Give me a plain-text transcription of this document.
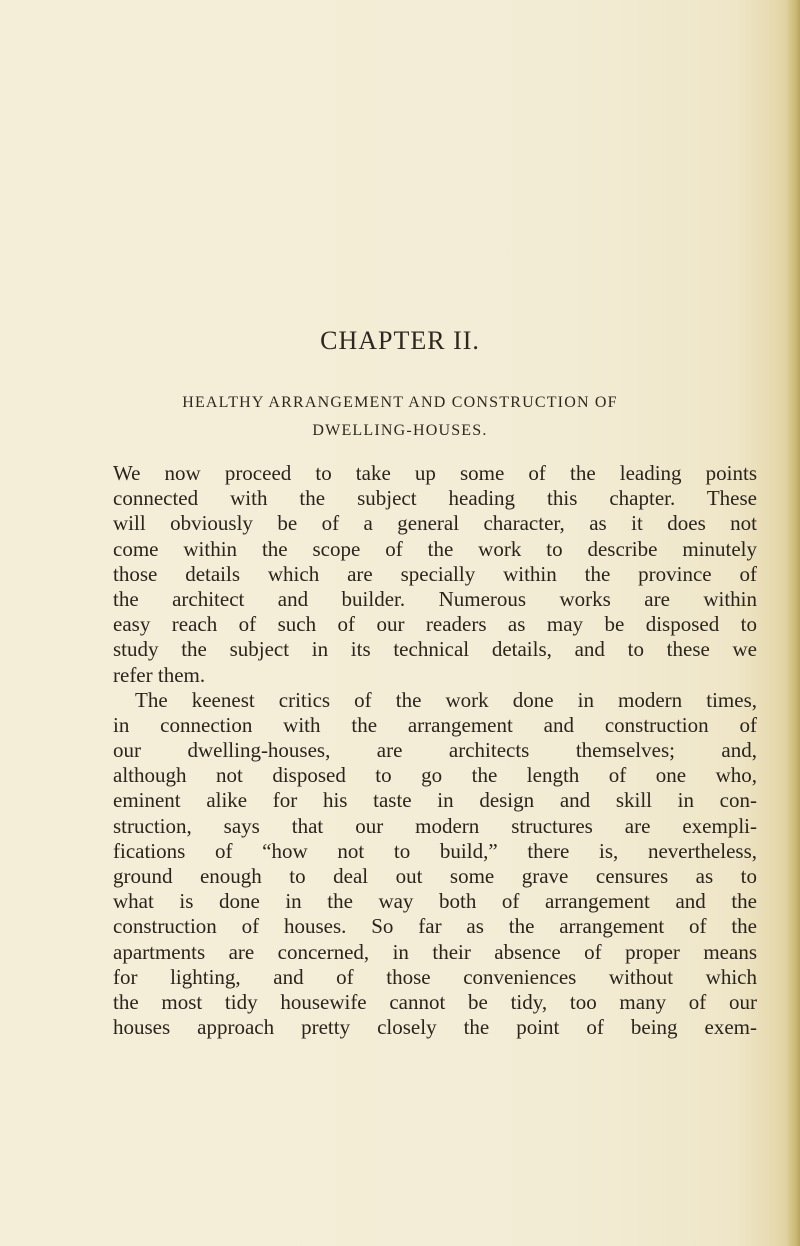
CHAPTER II.
HEALTHY ARRANGEMENT AND CONSTRUCTION OF
DWELLING-HOUSES.
We now proceed to take up some of the leading points
connected with the subject heading this chapter. These
will obviously be of a general character, as it does not
come within the scope of the work to describe minutely
those details which are specially within the province of
the architect and builder. Numerous works are within
easy reach of such of our readers as may be disposed to
study the subject in its technical details, and to these we
refer them.
The keenest critics of the work done in modern times,
in connection with the arrangement and construction of
our dwelling-houses, are architects themselves; and,
although not disposed to go the length of one who,
eminent alike for his taste in design and skill in con-
struction, says that our modern structures are exempli-
fications of “how not to build,” there is, nevertheless,
ground enough to deal out some grave censures as to
what is done in the way both of arrangement and the
construction of houses. So far as the arrangement of the
apartments are concerned, in their absence of proper means
for lighting, and of those conveniences without which
the most tidy housewife cannot be tidy, too many of our
houses approach pretty closely the point of being exem-
